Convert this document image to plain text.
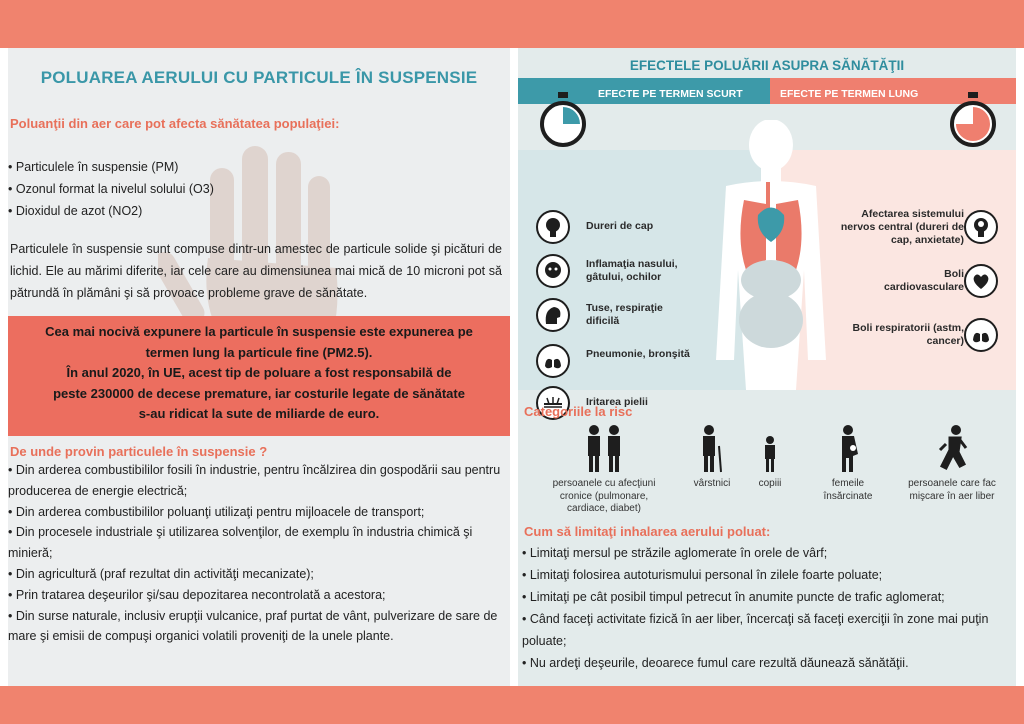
POLUAREA AERULUI CU PARTICULE ÎN SUSPENSIE
Poluanţii din aer care pot afecta sănătatea populaţiei:
• Particulele în suspensie (PM)
• Ozonul format la nivelul solului (O3)
• Dioxidul de azot (NO2)
Particulele în suspensie sunt compuse dintr-un amestec de particule solide şi picături de lichid. Ele au mărimi diferite, iar cele care au dimensiunea mai mică de 10 microni pot să pătrundă în plămâni şi să provoace probleme grave de sănătate.
Cea mai nocivă expunere la particule în suspensie este expunerea pe
termen lung la particule fine (PM2.5).
În anul 2020, în UE, acest tip de poluare a fost responsabilă de
peste 230000 de decese premature, iar costurile legate de sănătate
s-au ridicat la sute de miliarde de euro.
De unde provin particulele în suspensie ?
• Din arderea combustibililor fosili în industrie, pentru încălzirea din gospodării sau pentru producerea de energie electrică;
• Din arderea combustibililor poluanţi utilizaţi pentru mijloacele de transport;
• Din procesele industriale şi utilizarea solvenţilor, de exemplu în industria chimică şi minieră;
• Din agricultură (praf rezultat din activităţi mecanizate);
• Prin tratarea deşeurilor şi/sau depozitarea necontrolată a acestora;
• Din surse naturale, inclusiv erupţii vulcanice, praf purtat de vânt, pulverizare de sare de mare şi emisii de compuşi organici volatili proveniţi de la unele plante.
EFECTELE POLUĂRII ASUPRA SĂNĂTĂŢII
EFECTE PE TERMEN SCURT	EFECTE PE TERMEN LUNG
Dureri de cap
Inflamaţia nasului, gâtului, ochilor
Tuse, respiraţie dificilă
Pneumonie, bronşită
Iritarea pielii
Afectarea sistemului nervos central (dureri de cap, anxietate)
Boli cardiovasculare
Boli respiratorii (astm, cancer)
Categoriile la risc
persoanele cu afecţiuni cronice (pulmonare, cardiace, diabet)
vârstnici	copiii	femeile însărcinate
persoanele care fac mişcare în aer liber
Cum să limitaţi inhalarea aerului poluat:
• Limitaţi mersul pe străzile aglomerate în orele de vârf;
• Limitaţi folosirea autoturismului personal în zilele foarte poluate;
• Limitaţi pe cât posibil timpul petrecut în anumite puncte de trafic aglomerat;
• Când faceţi activitate fizică în aer liber, încercaţi să faceţi exerciţii în zone mai puţin poluate;
• Nu ardeţi deşeurile, deoarece fumul care rezultă dăunează sănătăţii.
